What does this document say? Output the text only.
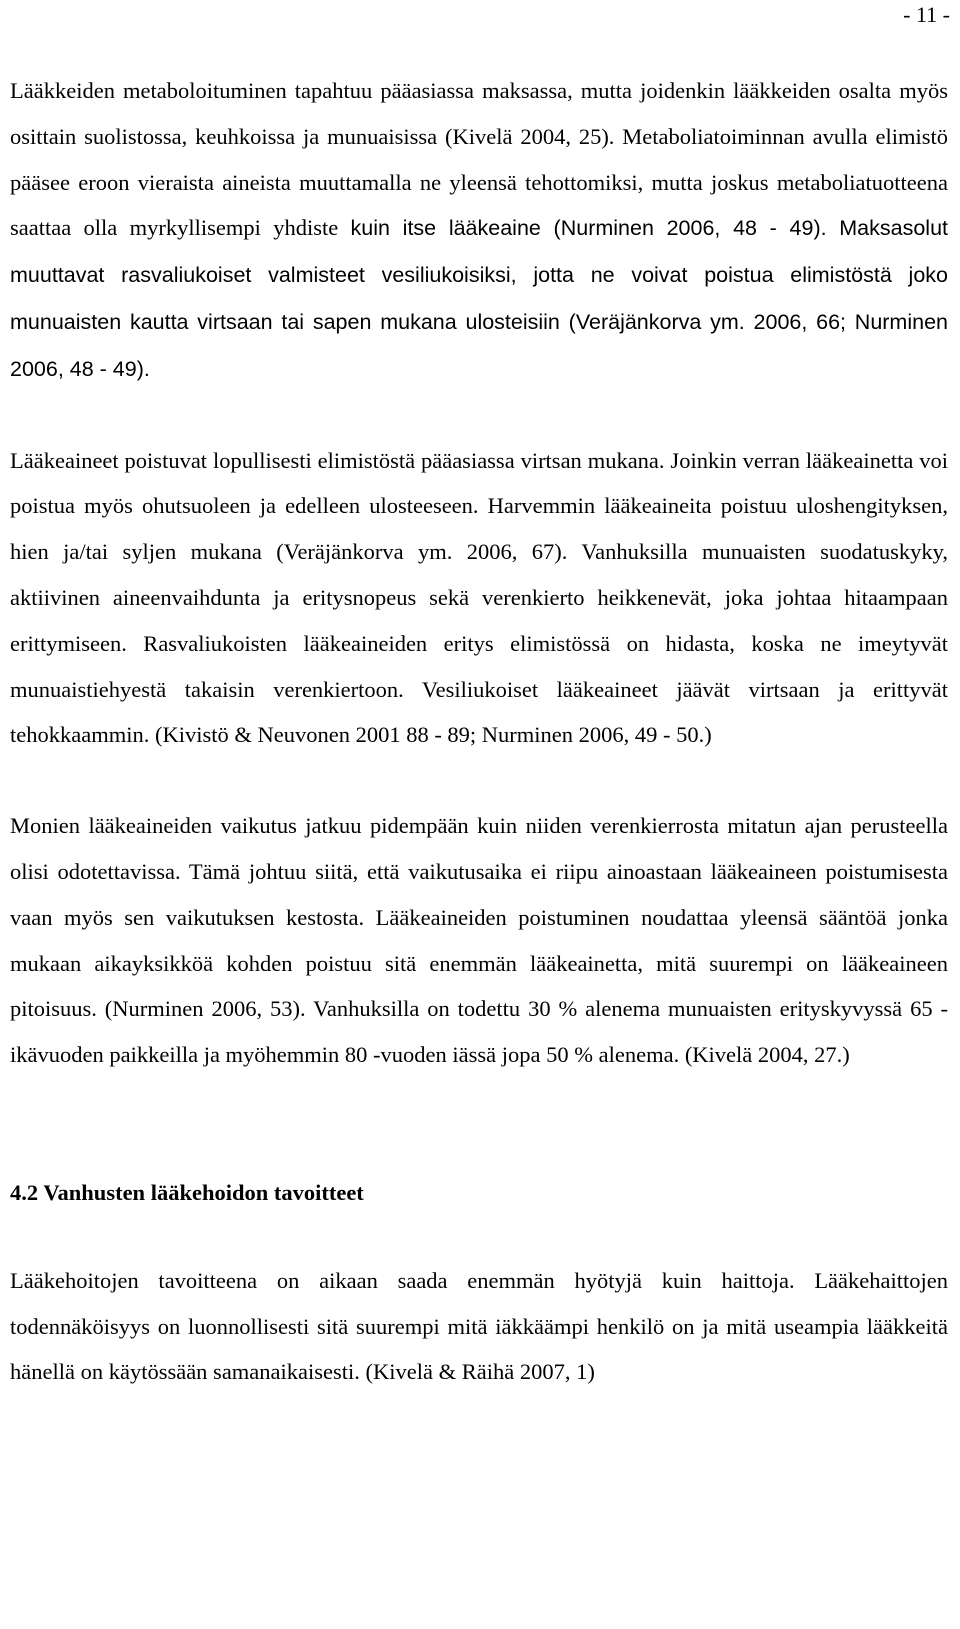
- 11 -

Lääkkeiden metaboloituminen tapahtuu pääasiassa maksassa, mutta joidenkin lääkkeiden osalta myös osittain suolistossa, keuhkoissa ja munuaisissa (Kivelä 2004, 25). Metaboliatoiminnan avulla elimistö pääsee eroon vieraista aineista muuttamalla ne yleensä tehottomiksi, mutta joskus metaboliatuotteena saattaa olla myrkyllisempi yhdiste kuin itse lääkeaine (Nurminen 2006, 48 - 49). Maksasolut muuttavat rasvaliukoiset valmisteet vesiliukoisiksi, jotta ne voivat poistua elimistöstä joko munuaisten kautta virtsaan tai sapen mukana ulosteisiin (Veräjänkorva ym. 2006, 66; Nurminen 2006, 48 - 49).

Lääkeaineet poistuvat lopullisesti elimistöstä pääasiassa virtsan mukana. Joinkin verran lääkeainetta voi poistua myös ohutsuoleen ja edelleen ulosteeseen. Harvemmin lääkeaineita poistuu uloshengityksen, hien ja/tai syljen mukana (Veräjänkorva ym. 2006, 67). Vanhuksilla munuaisten suodatuskyky, aktiivinen aineenvaihdunta ja eritysnopeus sekä verenkierto heikkenevät, joka johtaa hitaampaan erittymiseen. Rasvaliukoisten lääkeaineiden eritys elimistössä on hidasta, koska ne imeytyvät munuaistiehyestä takaisin verenkiertoon. Vesiliukoiset lääkeaineet jäävät virtsaan ja erittyvät tehokkaammin. (Kivistö & Neuvonen 2001 88 - 89; Nurminen 2006, 49 - 50.)

Monien lääkeaineiden vaikutus jatkuu pidempään kuin niiden verenkierrosta mitatun ajan perusteella olisi odotettavissa. Tämä johtuu siitä, että vaikutusaika ei riipu ainoastaan lääkeaineen poistumisesta vaan myös sen vaikutuksen kestosta. Lääkeaineiden poistuminen noudattaa yleensä sääntöä jonka mukaan aikayksikköä kohden poistuu sitä enemmän lääkeainetta, mitä suurempi on lääkeaineen pitoisuus. (Nurminen 2006, 53). Vanhuksilla on todettu 30 % alenema munuaisten erityskyvyssä 65 -ikävuoden paikkeilla ja myöhemmin 80 -vuoden iässä jopa 50 % alenema. (Kivelä 2004, 27.)

4.2 Vanhusten lääkehoidon tavoitteet

Lääkehoitojen tavoitteena on aikaan saada enemmän hyötyjä kuin haittoja. Lääkehaittojen todennäköisyys on luonnollisesti sitä suurempi mitä iäkkäämpi henkilö on ja mitä useampia lääkkeitä hänellä on käytössään samanaikaisesti. (Kivelä & Räihä 2007, 1)
